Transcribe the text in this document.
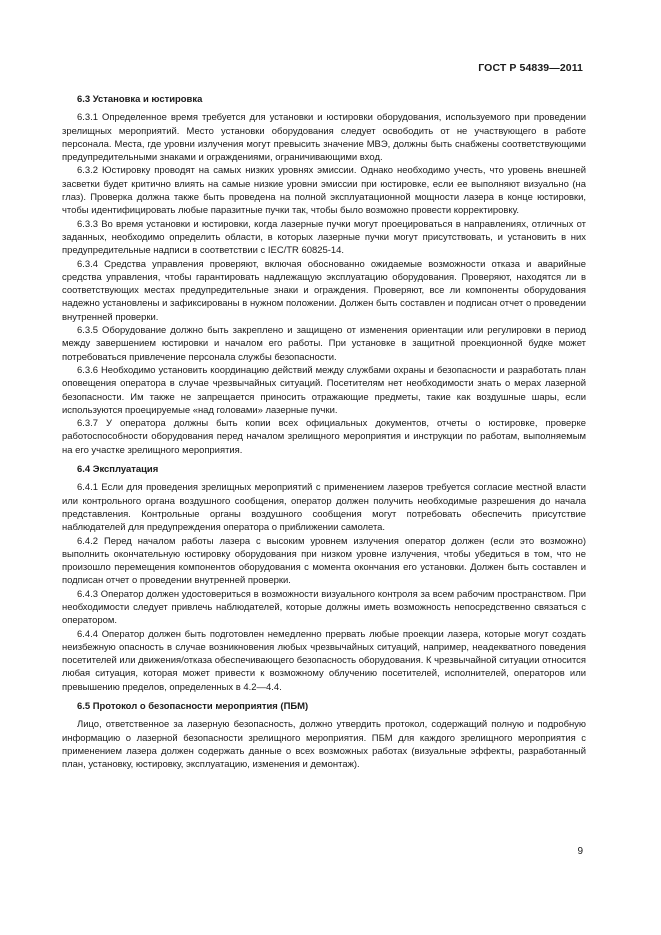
ГОСТ Р 54839—2011
6.3 Установка и юстировка

6.3.1 Определенное время требуется для установки и юстировки оборудования, используемого при проведении зрелищных мероприятий. Место установки оборудования следует освободить от не участвующего в работе персонала. Места, где уровни излучения могут превысить значение МВЭ, должны быть снабжены соответствующими предупредительными знаками и ограждениями, ограничивающими вход.

6.3.2 Юстировку проводят на самых низких уровнях эмиссии. Однако необходимо учесть, что уровень внешней засветки будет критично влиять на самые низкие уровни эмиссии при юстировке, если ее выполняют визуально (на глаз). Проверка должна также быть проведена на полной эксплуатационной мощности лазера в конце юстировки, чтобы идентифицировать любые паразитные пучки так, чтобы было возможно провести корректировку.

6.3.3 Во время установки и юстировки, когда лазерные пучки могут проецироваться в направлениях, отличных от заданных, необходимо определить области, в которых лазерные пучки могут присутствовать, и установить в них предупредительные надписи в соответствии с IEC/TR 60825-14.

6.3.4 Средства управления проверяют, включая обоснованно ожидаемые возможности отказа и аварийные средства управления, чтобы гарантировать надлежащую эксплуатацию оборудования. Проверяют, находятся ли в соответствующих местах предупредительные знаки и ограждения. Проверяют, все ли компоненты оборудования надежно установлены и зафиксированы в нужном положении. Должен быть составлен и подписан отчет о проведении внутренней проверки.

6.3.5 Оборудование должно быть закреплено и защищено от изменения ориентации или регулировки в период между завершением юстировки и началом его работы. При установке в защитной проекционной будке может потребоваться привлечение персонала службы безопасности.

6.3.6 Необходимо установить координацию действий между службами охраны и безопасности и разработать план оповещения оператора в случае чрезвычайных ситуаций. Посетителям нет необходимости знать о мерах лазерной безопасности. Им также не запрещается приносить отражающие предметы, такие как воздушные шары, если используются проецируемые «над головами» лазерные пучки.

6.3.7 У оператора должны быть копии всех официальных документов, отчеты о юстировке, проверке работоспособности оборудования перед началом зрелищного мероприятия и инструкции по работам, выполняемым на его участке зрелищного мероприятия.

6.4 Эксплуатация

6.4.1 Если для проведения зрелищных мероприятий с применением лазеров требуется согласие местной власти или контрольного органа воздушного сообщения, оператор должен получить необходимые разрешения до начала представления. Контрольные органы воздушного сообщения могут потребовать обеспечить присутствие наблюдателей для предупреждения оператора о приближении самолета.

6.4.2 Перед началом работы лазера с высоким уровнем излучения оператор должен (если это возможно) выполнить окончательную юстировку оборудования при низком уровне излучения, чтобы убедиться в том, что не произошло перемещения компонентов оборудования с момента окончания его установки. Должен быть составлен и подписан отчет о проведении внутренней проверки.

6.4.3 Оператор должен удостовериться в возможности визуального контроля за всем рабочим пространством. При необходимости следует привлечь наблюдателей, которые должны иметь возможность непосредственно связаться с оператором.

6.4.4 Оператор должен быть подготовлен немедленно прервать любые проекции лазера, которые могут создать неизбежную опасность в случае возникновения любых чрезвычайных ситуаций, например, неадекватного поведения посетителей или движения/отказа обеспечивающего безопасность оборудования. К чрезвычайной ситуации относится любая ситуация, которая может привести к возможному облучению посетителей, исполнителей, операторов или превышению пределов, определенных в 4.2—4.4.

6.5 Протокол о безопасности мероприятия (ПБМ)

Лицо, ответственное за лазерную безопасность, должно утвердить протокол, содержащий полную и подробную информацию о лазерной безопасности зрелищного мероприятия. ПБМ для каждого зрелищного мероприятия с применением лазера должен содержать данные о всех возможных работах (визуальные эффекты, разработанный план, установку, юстировку, эксплуатацию, изменения и демонтаж).

9
